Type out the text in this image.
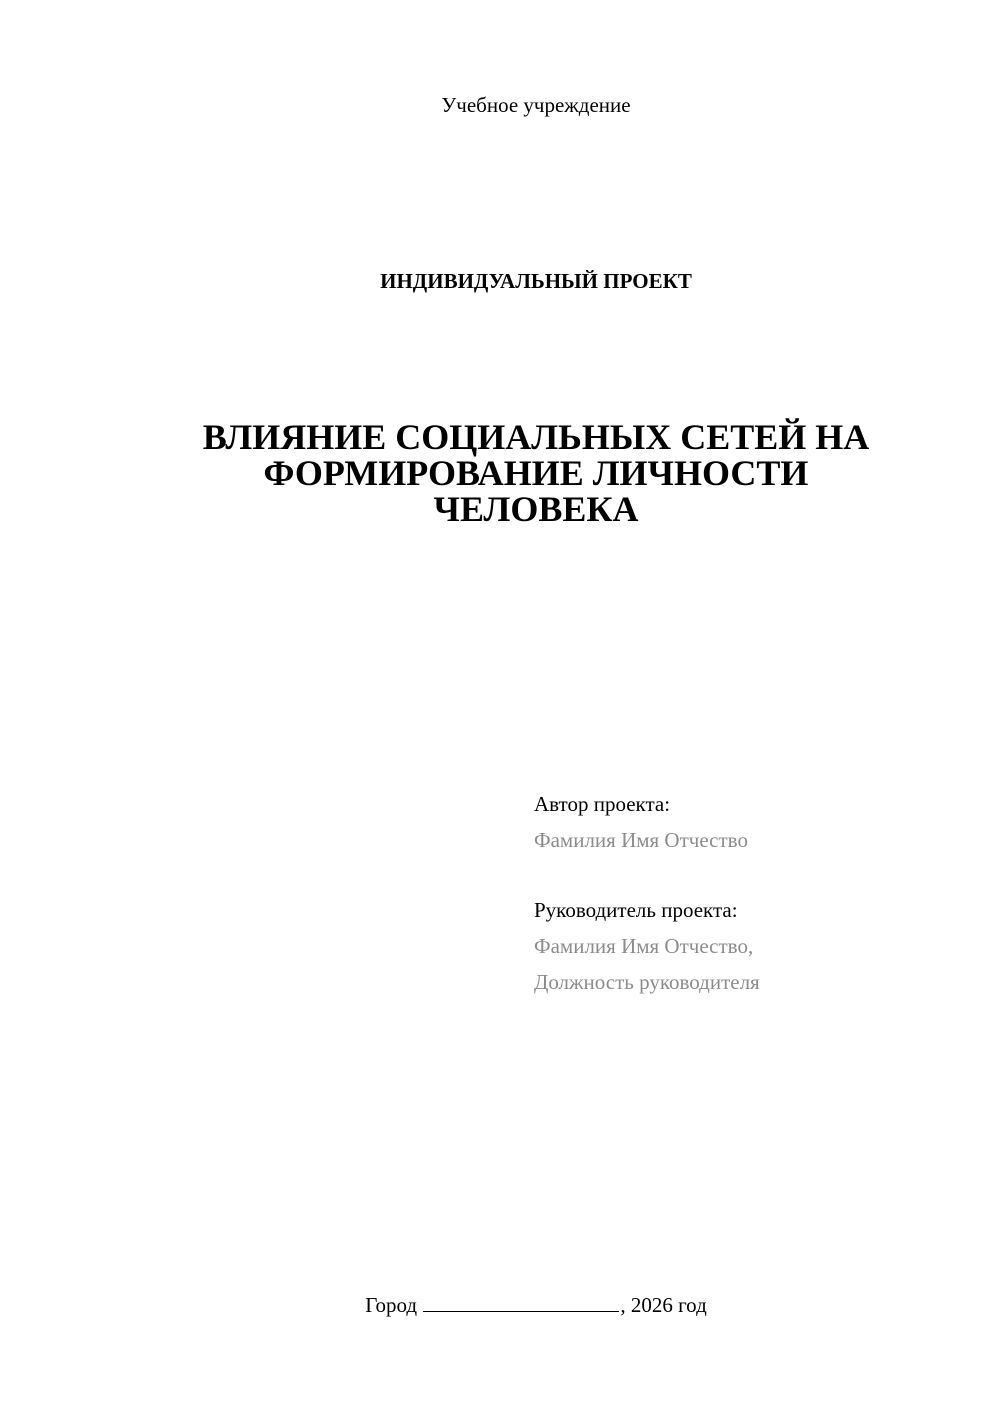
Учебное учреждение
ИНДИВИДУАЛЬНЫЙ ПРОЕКТ
ВЛИЯНИЕ СОЦИАЛЬНЫХ СЕТЕЙ НА
ФОРМИРОВАНИЕ ЛИЧНОСТИ
ЧЕЛОВЕКА
Автор проекта:
Фамилия Имя Отчество
Руководитель проекта:
Фамилия Имя Отчество,
Должность руководителя
Город	, 2026 год
